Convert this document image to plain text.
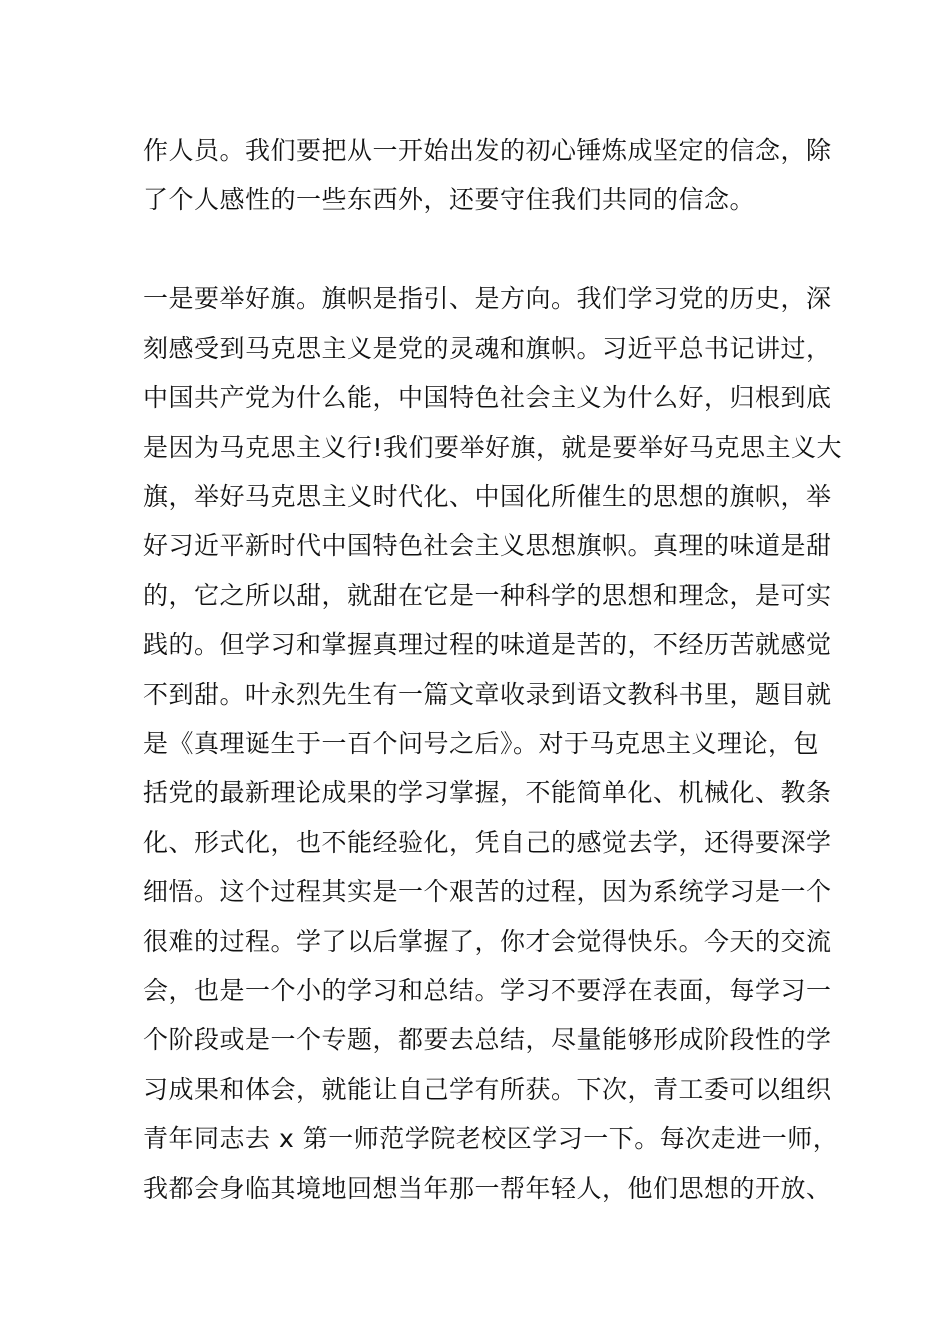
作人员。我们要把从一开始出发的初心锤炼成坚定的信念，除
了个人感性的一些东西外，还要守住我们共同的信念。
一是要举好旗。旗帜是指引、是方向。我们学习党的历史，深
刻感受到马克思主义是党的灵魂和旗帜。习近平总书记讲过，
中国共产党为什么能，中国特色社会主义为什么好，归根到底
是因为马克思主义行!我们要举好旗，就是要举好马克思主义大
旗，举好马克思主义时代化、中国化所催生的思想的旗帜，举
好习近平新时代中国特色社会主义思想旗帜。真理的味道是甜
的，它之所以甜，就甜在它是一种科学的思想和理念，是可实
践的。但学习和掌握真理过程的味道是苦的，不经历苦就感觉
不到甜。叶永烈先生有一篇文章收录到语文教科书里，题目就
是《真理诞生于一百个问号之后》。对于马克思主义理论，包
括党的最新理论成果的学习掌握，不能简单化、机械化、教条
化、形式化，也不能经验化，凭自己的感觉去学，还得要深学
细悟。这个过程其实是一个艰苦的过程，因为系统学习是一个
很难的过程。学了以后掌握了，你才会觉得快乐。今天的交流
会，也是一个小的学习和总结。学习不要浮在表面，每学习一
个阶段或是一个专题，都要去总结，尽量能够形成阶段性的学
习成果和体会，就能让自己学有所获。下次，青工委可以组织
青年同志去 x 第一师范学院老校区学习一下。每次走进一师，
我都会身临其境地回想当年那一帮年轻人，他们思想的开放、
